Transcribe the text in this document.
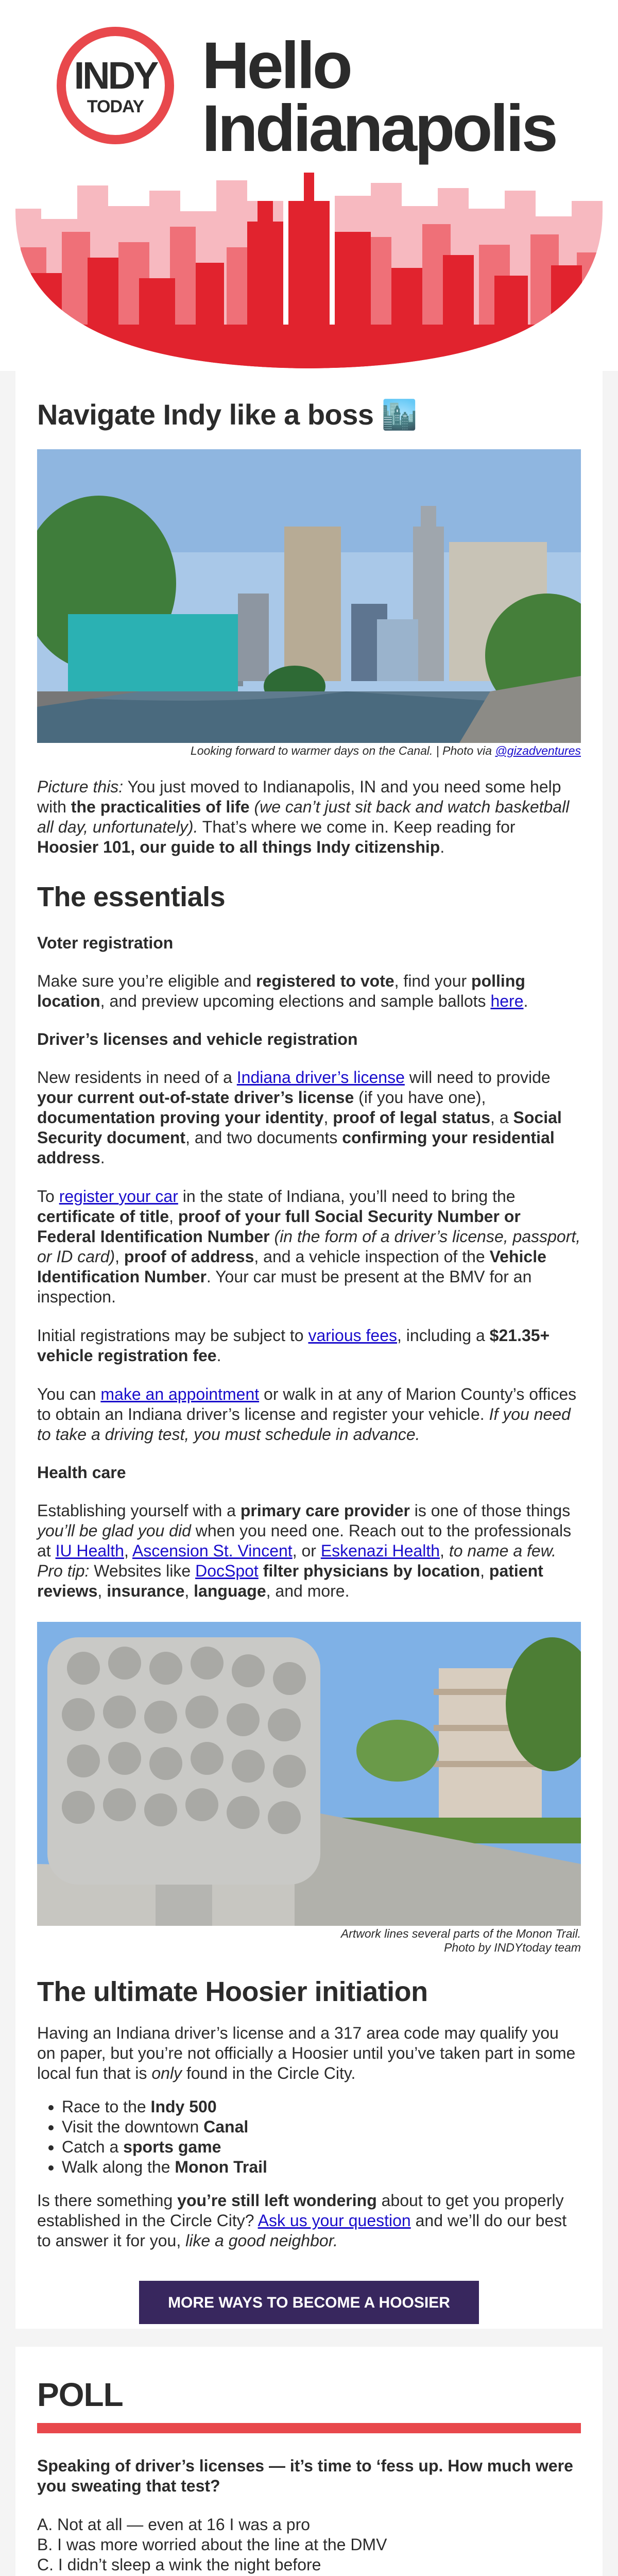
INDY
TODAY
Hello
Indianapolis
Navigate Indy like a boss 🏙️
Looking forward to warmer days on the Canal. | Photo via @gizadventures

Picture this: You just moved to Indianapolis, IN and you need some help with the practicalities of life (we can’t just sit back and watch basketball all day, unfortunately). That’s where we come in. Keep reading for Hoosier 101, our guide to all things Indy citizenship.

The essentials
Voter registration

Make sure you’re eligible and registered to vote, find your polling location, and preview upcoming elections and sample ballots here.

Driver’s licenses and vehicle registration

New residents in need of a Indiana driver’s license will need to provide your current out-of-state driver’s license (if you have one), documentation proving your identity, proof of legal status, a Social Security document, and two documents confirming your residential address.

To register your car in the state of Indiana, you’ll need to bring the certificate of title, proof of your full Social Security Number or Federal Identification Number (in the form of a driver’s license, passport, or ID card), proof of address, and a vehicle inspection of the Vehicle Identification Number. Your car must be present at the BMV for an inspection.

Initial registrations may be subject to various fees, including a $21.35+ vehicle registration fee.

You can make an appointment or walk in at any of Marion County’s offices to obtain an Indiana driver’s license and register your vehicle. If you need to take a driving test, you must schedule in advance.

Health care

Establishing yourself with a primary care provider is one of those things you’ll be glad you did when you need one. Reach out to the professionals at IU Health, Ascension St. Vincent, or Eskenazi Health, to name a few. Pro tip: Websites like DocSpot filter physicians by location, patient reviews, insurance, language, and more.

Artwork lines several parts of the Monon Trail.
Photo by INDYtoday team
The ultimate Hoosier initiation

Having an Indiana driver’s license and a 317 area code may qualify you on paper, but you’re not officially a Hoosier until you’ve taken part in some local fun that is only found in the Circle City.

• Race to the Indy 500
• Visit the downtown Canal
• Catch a sports game
• Walk along the Monon Trail

Is there something you’re still left wondering about to get you properly established in the Circle City? Ask us your question and we’ll do our best to answer it for you, like a good neighbor.

MORE WAYS TO BECOME A HOOSIER
POLL

Speaking of driver’s licenses — it’s time to ‘fess up. How much were you sweating that test?

A. Not at all — even at 16 I was a pro

B. I was more worried about the line at the DMV

C. I didn’t sleep a wink the night before
